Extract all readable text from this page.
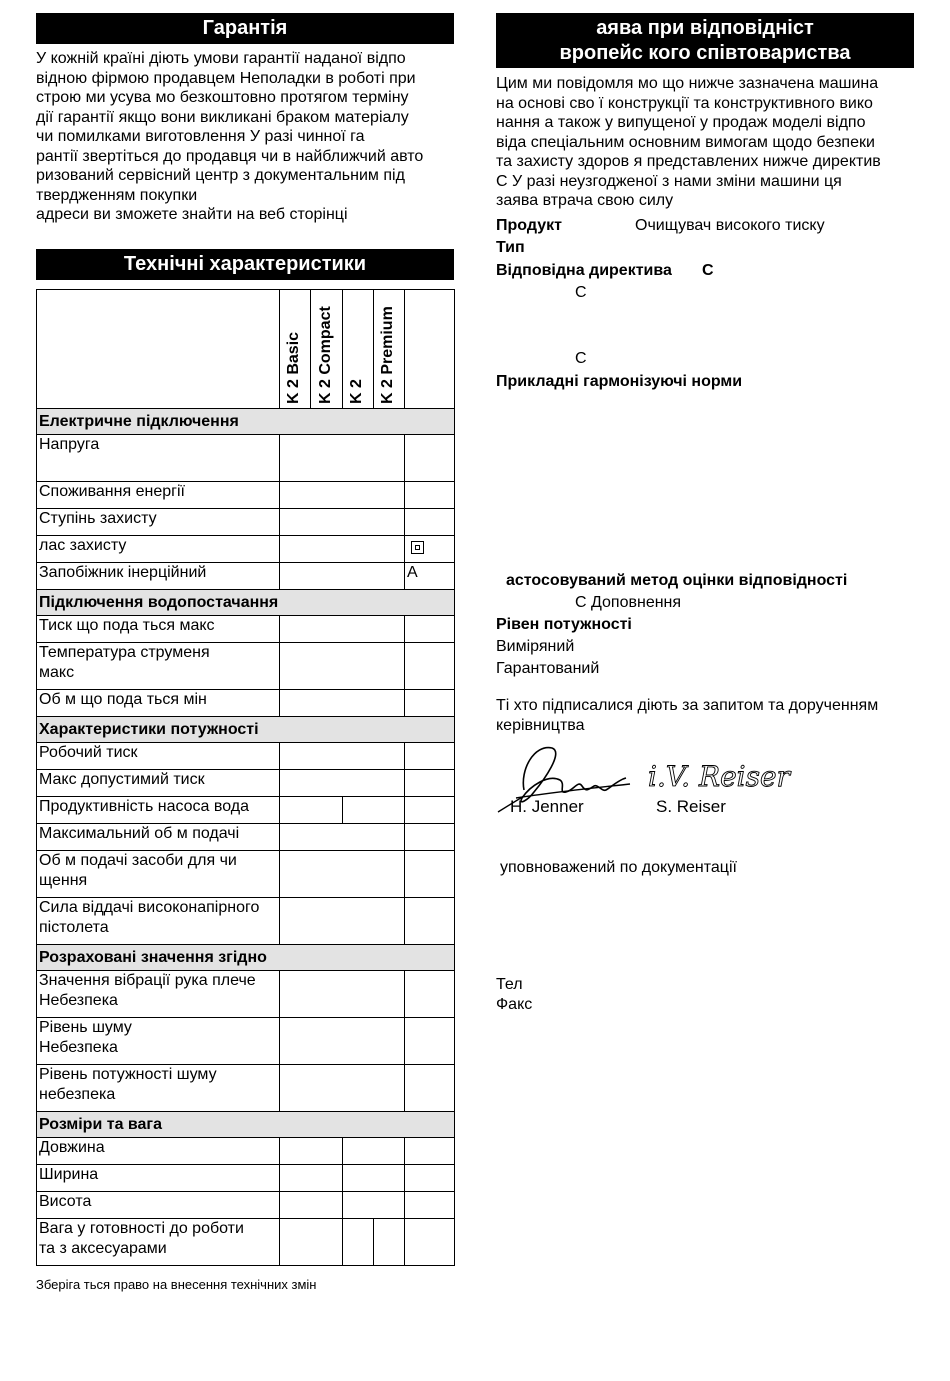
Гарантія
У кожній країні діють умови гарантії наданої відпо
відною фірмою продавцем Неполадки в роботі при
строю ми усува мо безкоштовно протягом терміну
дії гарантії якщо вони викликані браком матеріалу
чи помилками виготовлення У разі чинної га
рантії звертіться до продавця чи в найближчий авто
ризований сервісний центр з документальним під
твердженням покупки
адреси ви зможете знайти на веб сторінці
Технічні характеристики

	K 2 Basic	K 2 Compact	K 2	K 2 Premium	

Електричне підключення					
Напруга					
Споживання енергії					
Ступінь захисту					
лас захисту					
Запобіжник інерційний					A
Підключення водопостачання					
Тиск що пода ться макс					
Температура струменя
макс					
Об м що пода ться мін					
Характеристики потужності					
Робочий тиск					
Макс допустимий тиск					
Продуктивність насоса вода					
Максимальний об м подачі					
Об м подачі засоби для чи
щення					
Сила віддачі високонапірного
пістолета					
Розраховані значення згідно					
Значення вібрації рука плече
Небезпека					
Рівень шуму
Небезпека					
Рівень потужності шуму
небезпека					
Розміри та вага					
Довжина					
Ширина					
Висота					
Вага у готовності до роботи
та з аксесуарами					
Зберіга ться право на внесення технічних змін
аява при відповідніст
вропейс кого співтовариства
Цим ми повідомля мо що нижче зазначена машина
на основі сво ї конструкції та конструктивного вико
нання а також у випущеної у продаж моделі відпо
віда спеціальним основним вимогам щодо безпеки
та захисту здоров я представлених нижче директив
С У разі неузгодженої з нами зміни машини ця
заява втрача свою силу
Продукт	Очищувач високого тиску
Тип
Відповідна директива С
С
С
Прикладні гармонізуючі норми
астосовуваний метод оцінки відповідності
С Доповнення
Рівен потужності
Виміряний
Гарантований
Ті хто підписалися діють за запитом та дорученням
керівництва
H. Jenner
i.V. Reiser
S. Reiser
уповноважений по документації
Тел
Факс
